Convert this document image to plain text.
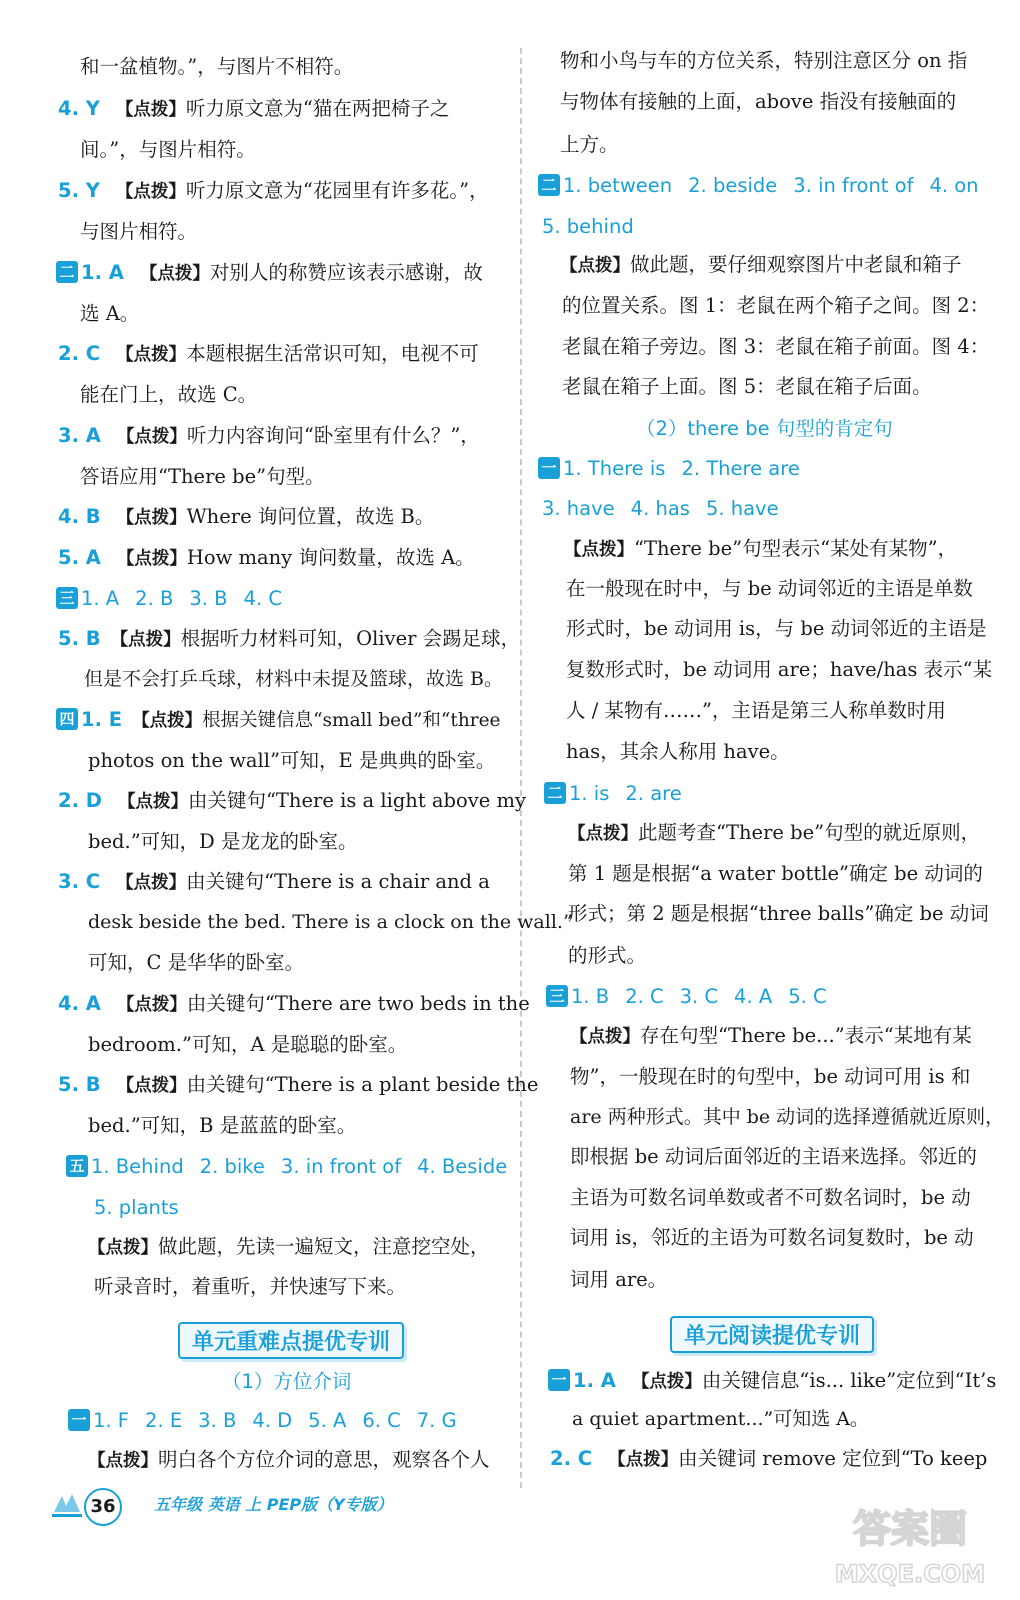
和一盆植物。”，与图片不相符。
4. Y 【点拨】听力原文意为“猫在两把椅子之
间。”，与图片相符。
5. Y 【点拨】听力原文意为“花园里有许多花。”，
与图片相符。
二 1. A 【点拨】对别人的称赞应该表示感谢，故
选 A。
2. C 【点拨】本题根据生活常识可知，电视不可
能在门上，故选 C。
3. A 【点拨】听力内容询问“卧室里有什么？”，
答语应用“There be”句型。
4. B 【点拨】Where 询问位置，故选 B。
5. A 【点拨】How many 询问数量，故选 A。
三 1. A 2. B 3. B 4. C
5. B 【点拨】根据听力材料可知，Oliver 会踢足球，
但是不会打乒乓球，材料中未提及篮球，故选 B。
四 1. E 【点拨】根据关键信息“small bed”和“three
photos on the wall”可知，E 是典典的卧室。
2. D 【点拨】由关键句“There is a light above my
bed.”可知，D 是龙龙的卧室。
3. C 【点拨】由关键句“There is a chair and a
desk beside the bed. There is a clock on the wall.”
可知，C 是华华的卧室。
4. A 【点拨】由关键句“There are two beds in the
bedroom.”可知，A 是聪聪的卧室。
5. B 【点拨】由关键句“There is a plant beside the
bed.”可知，B 是蓝蓝的卧室。
五 1. Behind 2. bike 3. in front of 4. Beside
5. plants
【点拨】做此题，先读一遍短文，注意挖空处，
听录音时，着重听，并快速写下来。
单元重难点提优专训
（1）方位介词
一 1. F 2. E 3. B 4. D 5. A 6. C 7. G
【点拨】明白各个方位介词的意思，观察各个人
物和小鸟与车的方位关系，特别注意区分 on 指
与物体有接触的上面，above 指没有接触面的
上方。
二 1. between 2. beside 3. in front of 4. on
5. behind
【点拨】做此题，要仔细观察图片中老鼠和箱子
的位置关系。图 1：老鼠在两个箱子之间。图 2：
老鼠在箱子旁边。图 3：老鼠在箱子前面。图 4：
老鼠在箱子上面。图 5：老鼠在箱子后面。
（2）there be 句型的肯定句
一 1. There is 2. There are
3. have 4. has 5. have
【点拨】“There be”句型表示“某处有某物”，
在一般现在时中，与 be 动词邻近的主语是单数
形式时，be 动词用 is，与 be 动词邻近的主语是
复数形式时，be 动词用 are；have/has 表示“某
人 / 某物有……”，主语是第三人称单数时用
has，其余人称用 have。
二 1. is 2. are
【点拨】此题考查“There be”句型的就近原则，
第 1 题是根据“a water bottle”确定 be 动词的
形式；第 2 题是根据“three balls”确定 be 动词
的形式。
三 1. B 2. C 3. C 4. A 5. C
【点拨】存在句型“There be...”表示“某地有某
物”，一般现在时的句型中，be 动词可用 is 和
are 两种形式。其中 be 动词的选择遵循就近原则，
即根据 be 动词后面邻近的主语来选择。邻近的
主语为可数名词单数或者不可数名词时，be 动
词用 is，邻近的主语为可数名词复数时，be 动
词用 are。
单元阅读提优专训
一 1. A 【点拨】由关键信息“is... like”定位到“It’s
a quiet apartment...”可知选 A。
2. C 【点拨】由关键词 remove 定位到“To keep
36	五年级 英语 上 PEP版（Y专版）
答案圈
MXQE.COM
